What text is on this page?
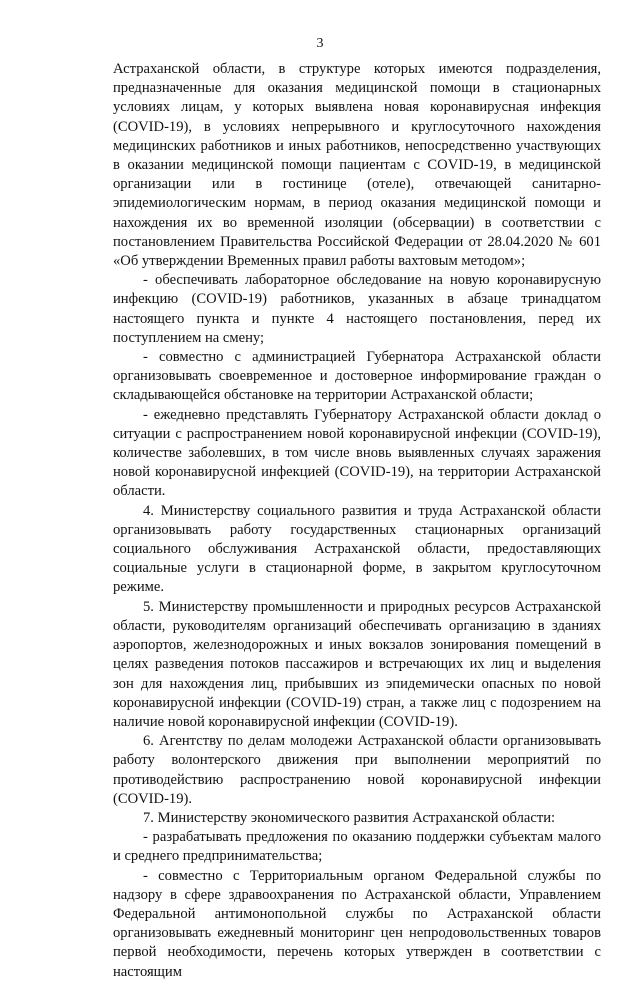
3

Астраханской области, в структуре которых имеются подразделения, предназначенные для оказания медицинской помощи в стационарных условиях лицам, у которых выявлена новая коронавирусная инфекция (COVID-19), в условиях непрерывного и круглосуточного нахождения медицинских работников и иных работников, непосредственно участвующих в оказании медицинской помощи пациентам с COVID-19, в медицинской организации или в гостинице (отеле), отвечающей санитарно-эпидемиологическим нормам, в период оказания медицинской помощи и нахождения их во временной изоляции (обсервации) в соответствии с постановлением Правительства Российской Федерации от 28.04.2020 № 601 «Об утверждении Временных правил работы вахтовым методом»;

- обеспечивать лабораторное обследование на новую коронавирусную инфекцию (COVID-19) работников, указанных в абзаце тринадцатом настоящего пункта и пункте 4 настоящего постановления, перед их поступлением на смену;

- совместно с администрацией Губернатора Астраханской области организовывать своевременное и достоверное информирование граждан о складывающейся обстановке на территории Астраханской области;

- ежедневно представлять Губернатору Астраханской области доклад о ситуации с распространением новой коронавирусной инфекции (COVID-19), количестве заболевших, в том числе вновь выявленных случаях заражения новой коронавирусной инфекцией (COVID-19), на территории Астраханской области.

4. Министерству социального развития и труда Астраханской области организовывать работу государственных стационарных организаций социального обслуживания Астраханской области, предоставляющих социальные услуги в стационарной форме, в закрытом круглосуточном режиме.

5. Министерству промышленности и природных ресурсов Астраханской области, руководителям организаций обеспечивать организацию в зданиях аэропортов, железнодорожных и иных вокзалов зонирования помещений в целях разведения потоков пассажиров и встречающих их лиц и выделения зон для нахождения лиц, прибывших из эпидемически опасных по новой коронавирусной инфекции (COVID-19) стран, а также лиц с подозрением на наличие новой коронавирусной инфекции (COVID-19).

6. Агентству по делам молодежи Астраханской области организовывать работу волонтерского движения при выполнении мероприятий по противодействию распространению новой коронавирусной инфекции (COVID-19).

7. Министерству экономического развития Астраханской области:

- разрабатывать предложения по оказанию поддержки субъектам малого и среднего предпринимательства;

- совместно с Территориальным органом Федеральной службы по надзору в сфере здравоохранения по Астраханской области, Управлением Федеральной антимонопольной службы по Астраханской области организовывать ежедневный мониторинг цен непродовольственных товаров первой необходимости, перечень которых утвержден в соответствии с настоящим
